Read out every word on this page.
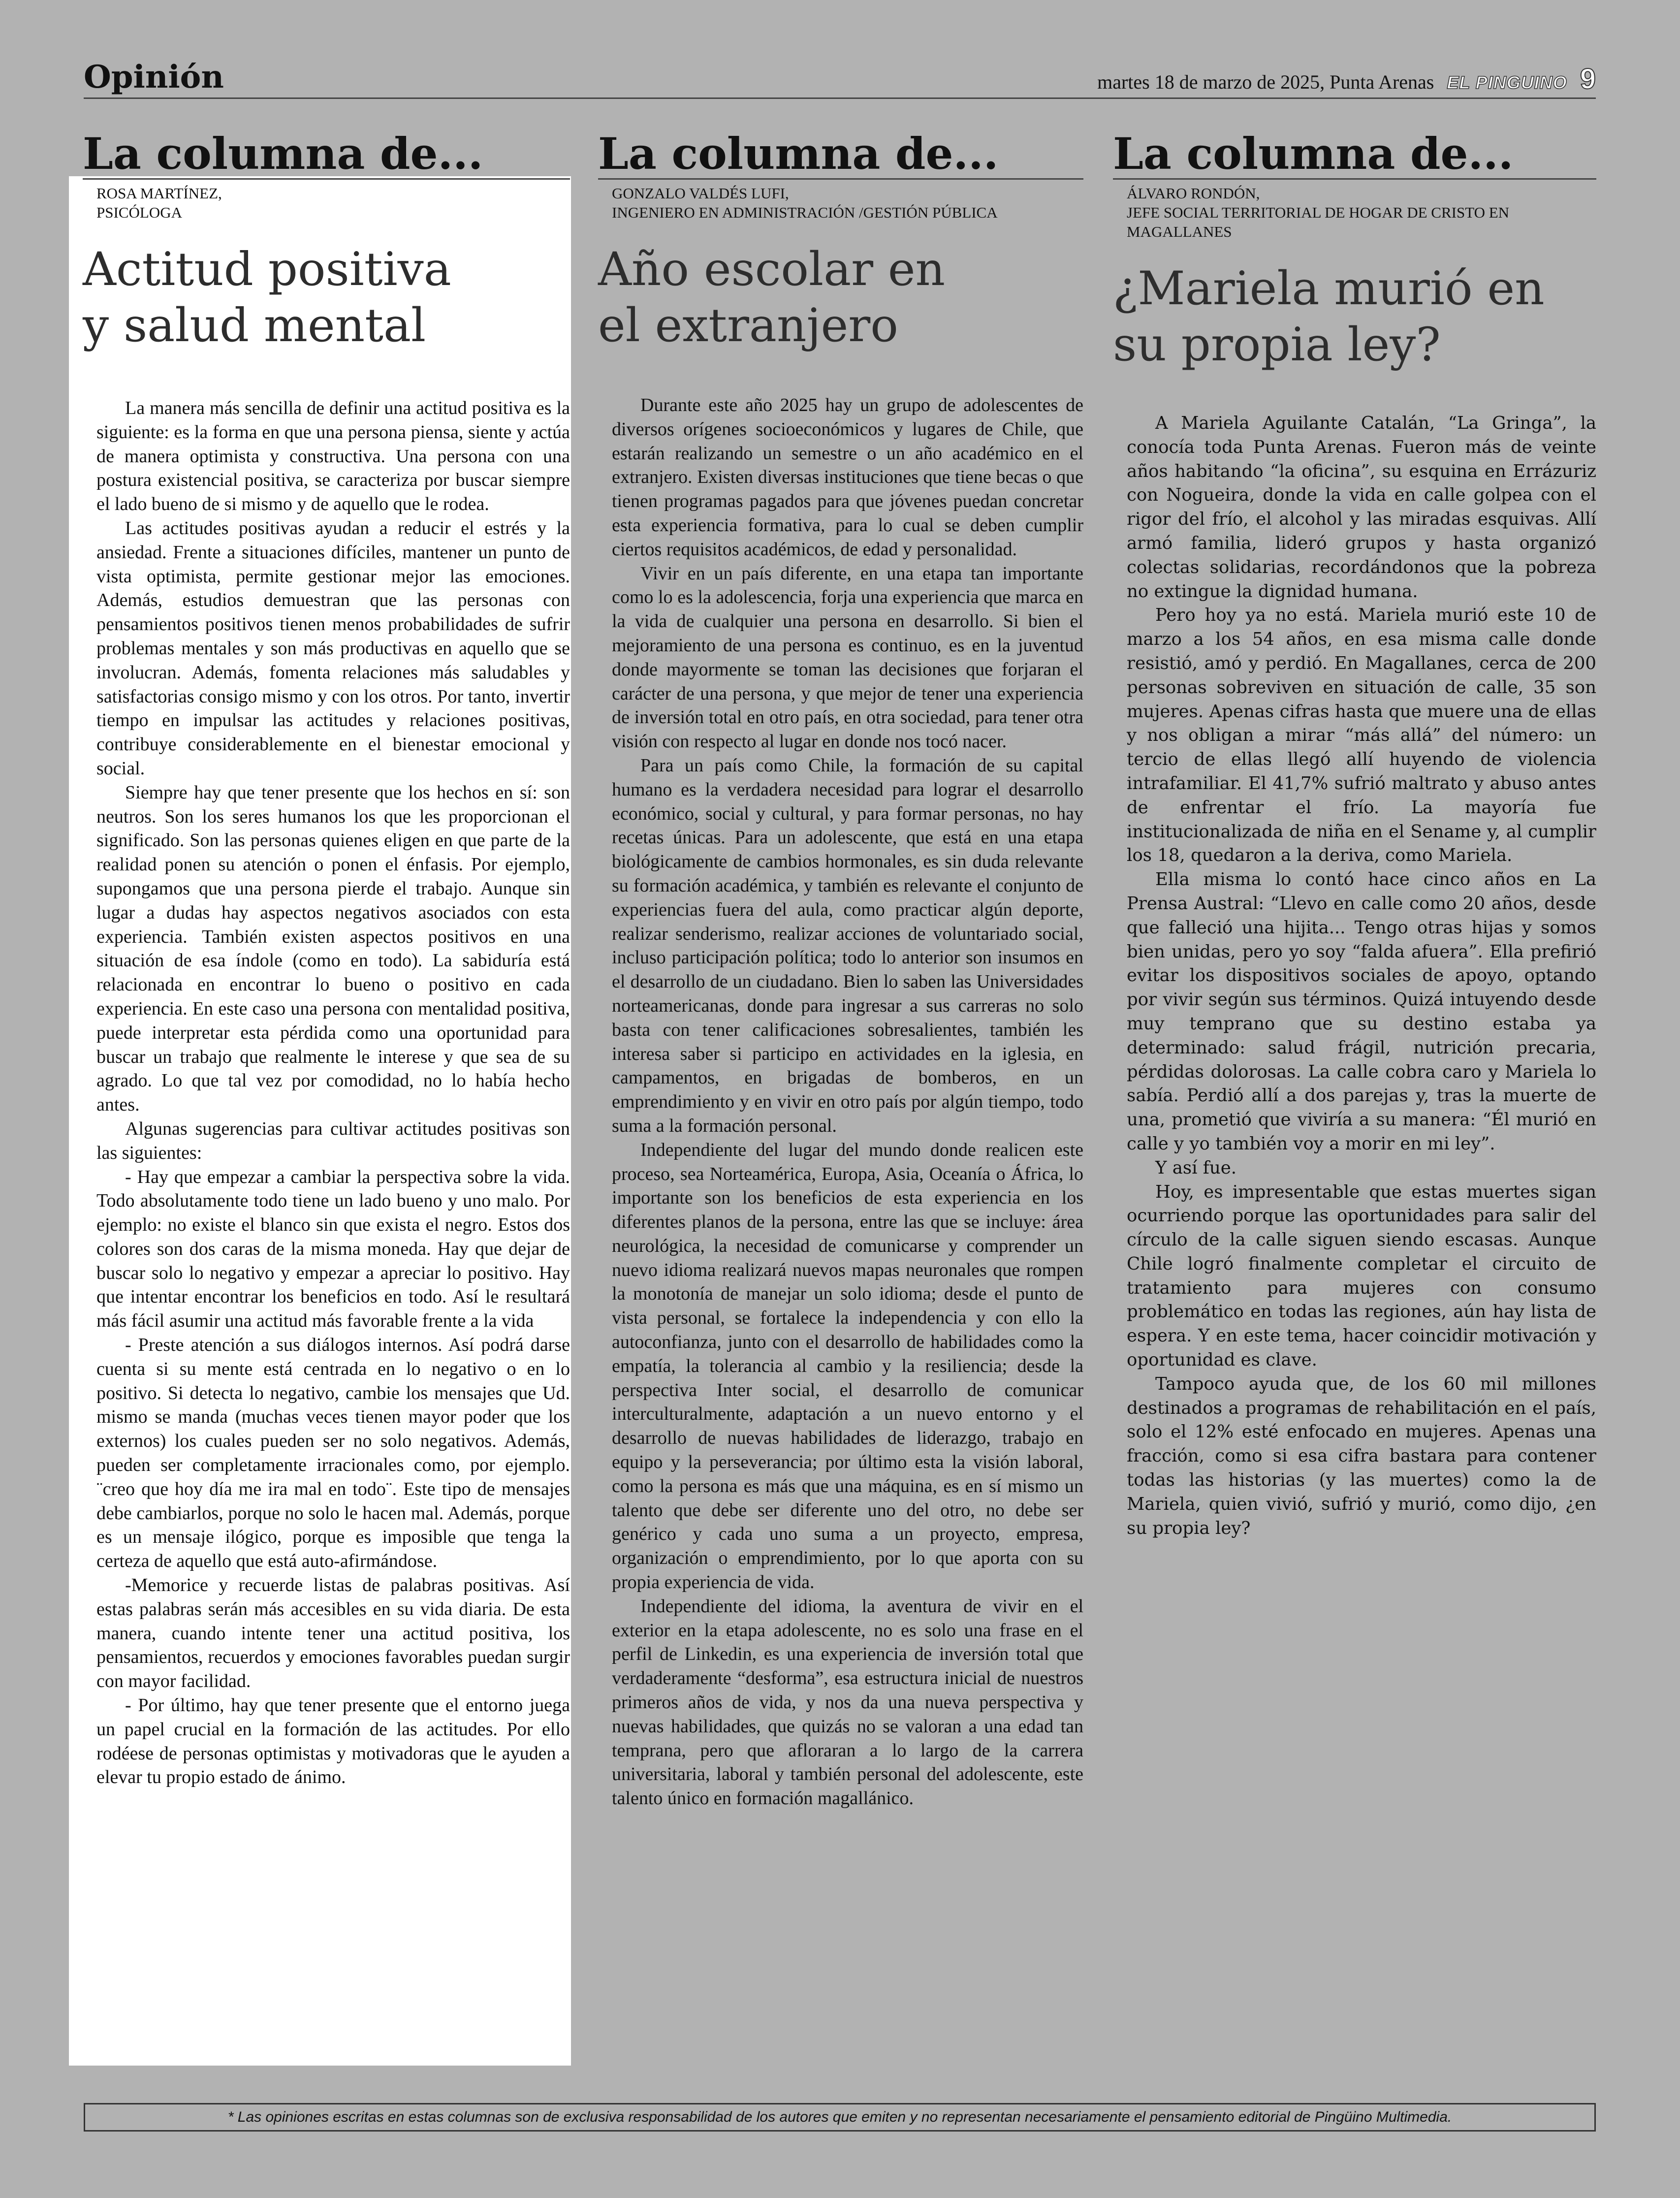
Opinión	martes 18 de marzo de 2025, Punta Arenas EL PINGUINO 9
La columna de...
ROSA MARTÍNEZ,
PSICÓLOGA
Actitud positiva
y salud mental

La manera más sencilla de definir una actitud positiva es la siguiente: es la forma en que una persona piensa, siente y actúa de manera optimista y constructiva. Una persona con una postura existencial positiva, se caracteriza por buscar siempre el lado bueno de si mismo y de aquello que le rodea.

Las actitudes positivas ayudan a reducir el estrés y la ansiedad. Frente a situaciones difíciles, mantener un punto de vista optimista, permite gestionar mejor las emociones. Además, estudios demuestran que las personas con pensamientos positivos tienen menos probabilidades de sufrir problemas mentales y son más productivas en aquello que se involucran. Además, fomenta relaciones más saludables y satisfactorias consigo mismo y con los otros. Por tanto, invertir tiempo en impulsar las actitudes y relaciones positivas, contribuye considerablemente en el bienestar emocional y social.

Siempre hay que tener presente que los hechos en sí: son neutros. Son los seres humanos los que les proporcionan el significado. Son las personas quienes eligen en que parte de la realidad ponen su atención o ponen el énfasis. Por ejemplo, supongamos que una persona pierde el trabajo. Aunque sin lugar a dudas hay aspectos negativos asociados con esta experiencia. También existen aspectos positivos en una situación de esa índole (como en todo). La sabiduría está relacionada en encontrar lo bueno o positivo en cada experiencia. En este caso una persona con mentalidad positiva, puede interpretar esta pérdida como una oportunidad para buscar un trabajo que realmente le interese y que sea de su agrado. Lo que tal vez por comodidad, no lo había hecho antes.

Algunas sugerencias para cultivar actitudes positivas son las siguientes:

- Hay que empezar a cambiar la perspectiva sobre la vida. Todo absolutamente todo tiene un lado bueno y uno malo. Por ejemplo: no existe el blanco sin que exista el negro. Estos dos colores son dos caras de la misma moneda. Hay que dejar de buscar solo lo negativo y empezar a apreciar lo positivo. Hay que intentar encontrar los beneficios en todo. Así le resultará más fácil asumir una actitud más favorable frente a la vida

- Preste atención a sus diálogos internos. Así podrá darse cuenta si su mente está centrada en lo negativo o en lo positivo. Si detecta lo negativo, cambie los mensajes que Ud. mismo se manda (muchas veces tienen mayor poder que los externos) los cuales pueden ser no solo negativos. Además, pueden ser completamente irracionales como, por ejemplo. ¨creo que hoy día me ira mal en todo¨. Este tipo de mensajes debe cambiarlos, porque no solo le hacen mal. Además, porque es un mensaje ilógico, porque es imposible que tenga la certeza de aquello que está auto-afirmándose.

-Memorice y recuerde listas de palabras positivas. Así estas palabras serán más accesibles en su vida diaria. De esta manera, cuando intente tener una actitud positiva, los pensamientos, recuerdos y emociones favorables puedan surgir con mayor facilidad.

- Por último, hay que tener presente que el entorno juega un papel crucial en la formación de las actitudes. Por ello rodéese de personas optimistas y motivadoras que le ayuden a elevar tu propio estado de ánimo.

La columna de...
GONZALO VALDÉS LUFI,
INGENIERO EN ADMINISTRACIÓN /GESTIÓN PÚBLICA
Año escolar en
el extranjero

Durante este año 2025 hay un grupo de adolescentes de diversos orígenes socioeconómicos y lugares de Chile, que estarán realizando un semestre o un año académico en el extranjero. Existen diversas instituciones que tiene becas o que tienen programas pagados para que jóvenes puedan concretar esta experiencia formativa, para lo cual se deben cumplir ciertos requisitos académicos, de edad y personalidad.

Vivir en un país diferente, en una etapa tan importante como lo es la adolescencia, forja una experiencia que marca en la vida de cualquier una persona en desarrollo. Si bien el mejoramiento de una persona es continuo, es en la juventud donde mayormente se toman las decisiones que forjaran el carácter de una persona, y que mejor de tener una experiencia de inversión total en otro país, en otra sociedad, para tener otra visión con respecto al lugar en donde nos tocó nacer.

Para un país como Chile, la formación de su capital humano es la verdadera necesidad para lograr el desarrollo económico, social y cultural, y para formar personas, no hay recetas únicas. Para un adolescente, que está en una etapa biológicamente de cambios hormonales, es sin duda relevante su formación académica, y también es relevante el conjunto de experiencias fuera del aula, como practicar algún deporte, realizar senderismo, realizar acciones de voluntariado social, incluso participación política; todo lo anterior son insumos en el desarrollo de un ciudadano. Bien lo saben las Universidades norteamericanas, donde para ingresar a sus carreras no solo basta con tener calificaciones sobresalientes, también les interesa saber si participo en actividades en la iglesia, en campamentos, en brigadas de bomberos, en un emprendimiento y en vivir en otro país por algún tiempo, todo suma a la formación personal.

Independiente del lugar del mundo donde realicen este proceso, sea Norteamérica, Europa, Asia, Oceanía o África, lo importante son los beneficios de esta experiencia en los diferentes planos de la persona, entre las que se incluye: área neurológica, la necesidad de comunicarse y comprender un nuevo idioma realizará nuevos mapas neuronales que rompen la monotonía de manejar un solo idioma; desde el punto de vista personal, se fortalece la independencia y con ello la autoconfianza, junto con el desarrollo de habilidades como la empatía, la tolerancia al cambio y la resiliencia; desde la perspectiva Inter social, el desarrollo de comunicar interculturalmente, adaptación a un nuevo entorno y el desarrollo de nuevas habilidades de liderazgo, trabajo en equipo y la perseverancia; por último esta la visión laboral, como la persona es más que una máquina, es en sí mismo un talento que debe ser diferente uno del otro, no debe ser genérico y cada uno suma a un proyecto, empresa, organización o emprendimiento, por lo que aporta con su propia experiencia de vida.

Independiente del idioma, la aventura de vivir en el exterior en la etapa adolescente, no es solo una frase en el perfil de Linkedin, es una experiencia de inversión total que verdaderamente “desforma”, esa estructura inicial de nuestros primeros años de vida, y nos da una nueva perspectiva y nuevas habilidades, que quizás no se valoran a una edad tan temprana, pero que afloraran a lo largo de la carrera universitaria, laboral y también personal del adolescente, este talento único en formación magallánico.

La columna de...
ÁLVARO RONDÓN,
JEFE SOCIAL TERRITORIAL DE HOGAR DE CRISTO EN MAGALLANES
¿Mariela murió en
su propia ley?

A Mariela Aguilante Catalán, “La Gringa”, la conocía toda Punta Arenas. Fueron más de veinte años habitando “la oficina”, su esquina en Errázuriz con Nogueira, donde la vida en calle golpea con el rigor del frío, el alcohol y las miradas esquivas. Allí armó familia, lideró grupos y hasta organizó colectas solidarias, recordándonos que la pobreza no extingue la dignidad humana.

Pero hoy ya no está. Mariela murió este 10 de marzo a los 54 años, en esa misma calle donde resistió, amó y perdió. En Magallanes, cerca de 200 personas sobreviven en situación de calle, 35 son mujeres. Apenas cifras hasta que muere una de ellas y nos obligan a mirar “más allá” del número: un tercio de ellas llegó allí huyendo de violencia intrafamiliar. El 41,7% sufrió maltrato y abuso antes de enfrentar el frío. La mayoría fue institucionalizada de niña en el Sename y, al cumplir los 18, quedaron a la deriva, como Mariela.

Ella misma lo contó hace cinco años en La Prensa Austral: “Llevo en calle como 20 años, desde que falleció una hijita... Tengo otras hijas y somos bien unidas, pero yo soy “falda afuera”. Ella prefirió evitar los dispositivos sociales de apoyo, optando por vivir según sus términos. Quizá intuyendo desde muy temprano que su destino estaba ya determinado: salud frágil, nutrición precaria, pérdidas dolorosas. La calle cobra caro y Mariela lo sabía. Perdió allí a dos parejas y, tras la muerte de una, prometió que viviría a su manera: “Él murió en calle y yo también voy a morir en mi ley”.

Y así fue.

Hoy, es impresentable que estas muertes sigan ocurriendo porque las oportunidades para salir del círculo de la calle siguen siendo escasas. Aunque Chile logró finalmente completar el circuito de tratamiento para mujeres con consumo problemático en todas las regiones, aún hay lista de espera. Y en este tema, hacer coincidir motivación y oportunidad es clave.

Tampoco ayuda que, de los 60 mil millones destinados a programas de rehabilitación en el país, solo el 12% esté enfocado en mujeres. Apenas una fracción, como si esa cifra bastara para contener todas las historias (y las muertes) como la de Mariela, quien vivió, sufrió y murió, como dijo, ¿en su propia ley?

* Las opiniones escritas en estas columnas son de exclusiva responsabilidad de los autores que emiten y no representan necesariamente el pensamiento editorial de Pingüino Multimedia.
